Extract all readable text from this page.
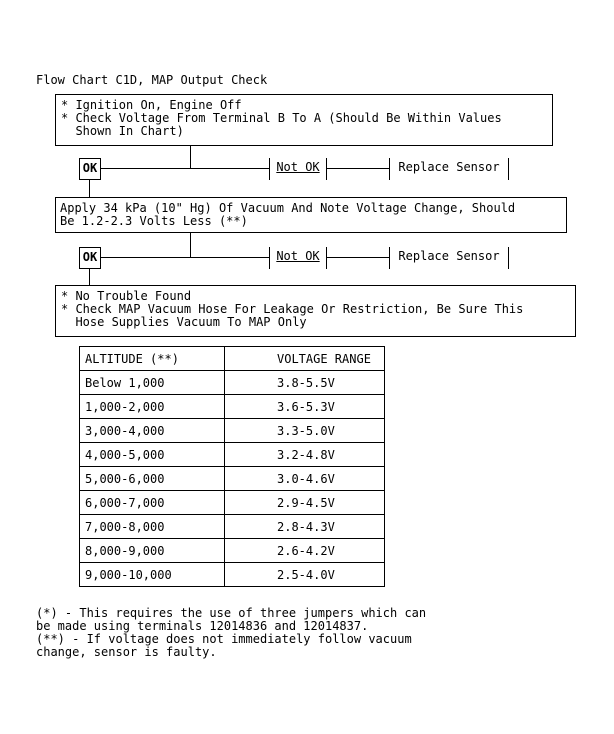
Flow Chart C1D, MAP Output Check
* Ignition On, Engine Off
* Check Voltage From Terminal B To A (Should Be Within Values
Shown In Chart)
OK	Not OK	Replace Sensor
Apply 34 kPa (10" Hg) Of Vacuum And Note Voltage Change, Should
Be 1.2-2.3 Volts Less (**)
OK	Not OK	Replace Sensor
* No Trouble Found
* Check MAP Vacuum Hose For Leakage Or Restriction, Be Sure This
Hose Supplies Vacuum To MAP Only
ALTITUDE (**)	VOLTAGE RANGE
Below 1,000	3.8-5.5V
1,000-2,000	3.6-5.3V
3,000-4,000	3.3-5.0V
4,000-5,000	3.2-4.8V
5,000-6,000	3.0-4.6V
6,000-7,000	2.9-4.5V
7,000-8,000	2.8-4.3V
8,000-9,000	2.6-4.2V
9,000-10,000	2.5-4.0V
(*) - This requires the use of three jumpers which can
be made using terminals 12014836 and 12014837.
(**) - If voltage does not immediately follow vacuum
change, sensor is faulty.
